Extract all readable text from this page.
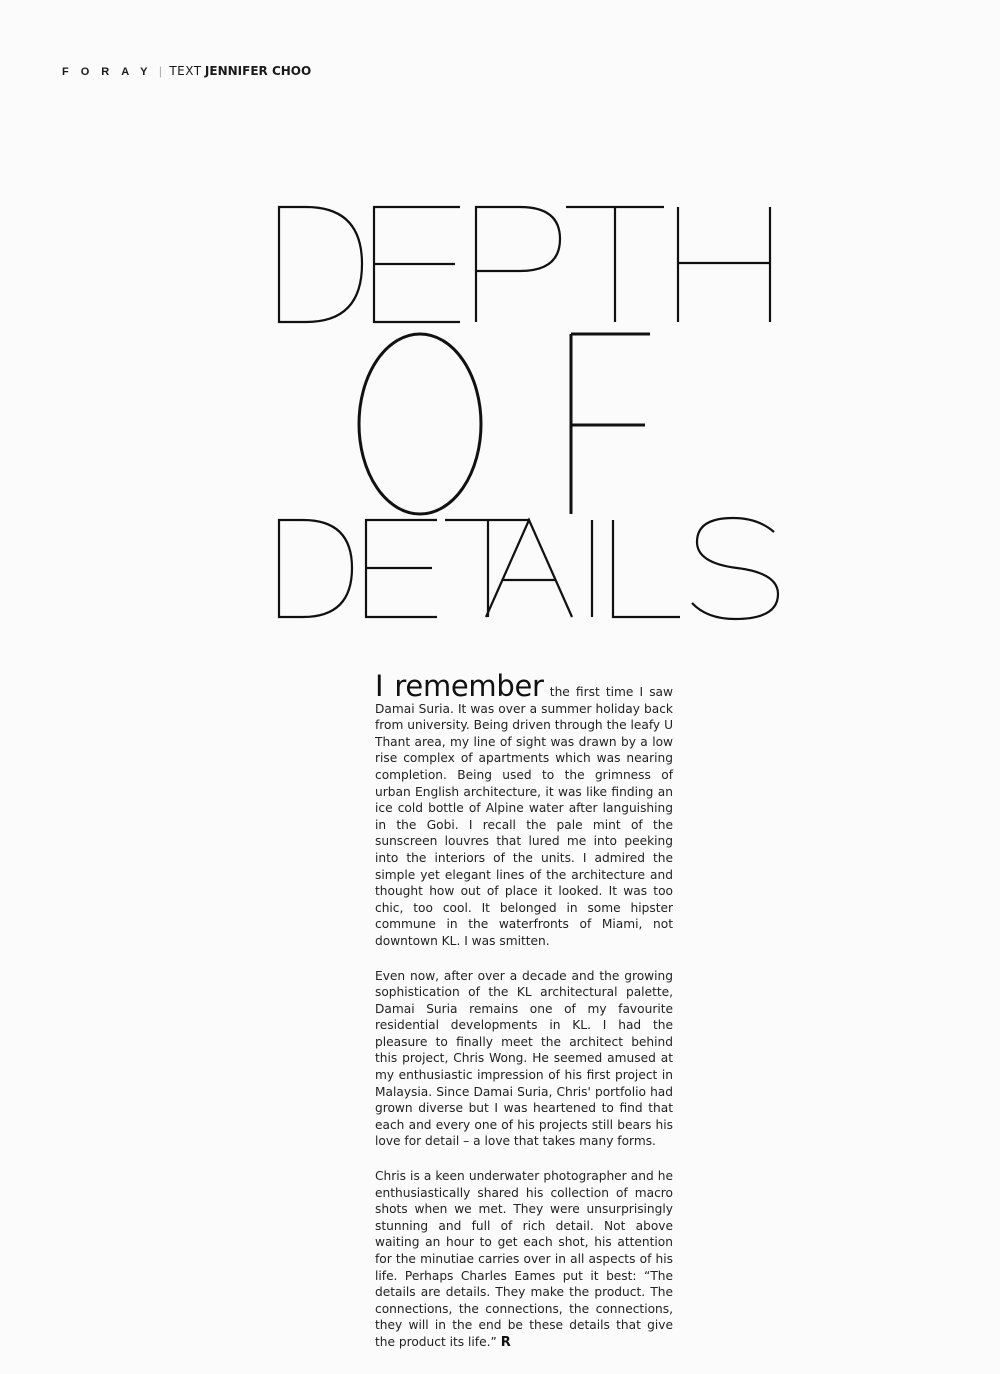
FORAY | TEXT JENNIFER CHOO

I remember the first time I saw Damai Suria. It was over a summer holiday back from university. Being driven through the leafy U Thant area, my line of sight was drawn by a low rise complex of apartments which was nearing completion. Being used to the grimness of urban English architecture, it was like finding an ice cold bottle of Alpine water after languishing in the Gobi. I recall the pale mint of the sunscreen louvres that lured me into peeking into the interiors of the units. I admired the simple yet elegant lines of the architecture and thought how out of place it looked. It was too chic, too cool. It belonged in some hipster commune in the waterfronts of Miami, not downtown KL. I was smitten.

Even now, after over a decade and the growing sophistication of the KL architectural palette, Damai Suria remains one of my favourite residential developments in KL. I had the pleasure to finally meet the architect behind this project, Chris Wong. He seemed amused at my enthusiastic impression of his first project in Malaysia. Since Damai Suria, Chris' portfolio had grown diverse but I was heartened to find that each and every one of his projects still bears his love for detail – a love that takes many forms.

Chris is a keen underwater photographer and he enthusiastically shared his collection of macro shots when we met. They were unsurprisingly stunning and full of rich detail. Not above waiting an hour to get each shot, his attention for the minutiae carries over in all aspects of his life. Perhaps Charles Eames put it best: “The details are details. They make the product. The connections, the connections, the connections, they will in the end be these details that give the product its life.” R
